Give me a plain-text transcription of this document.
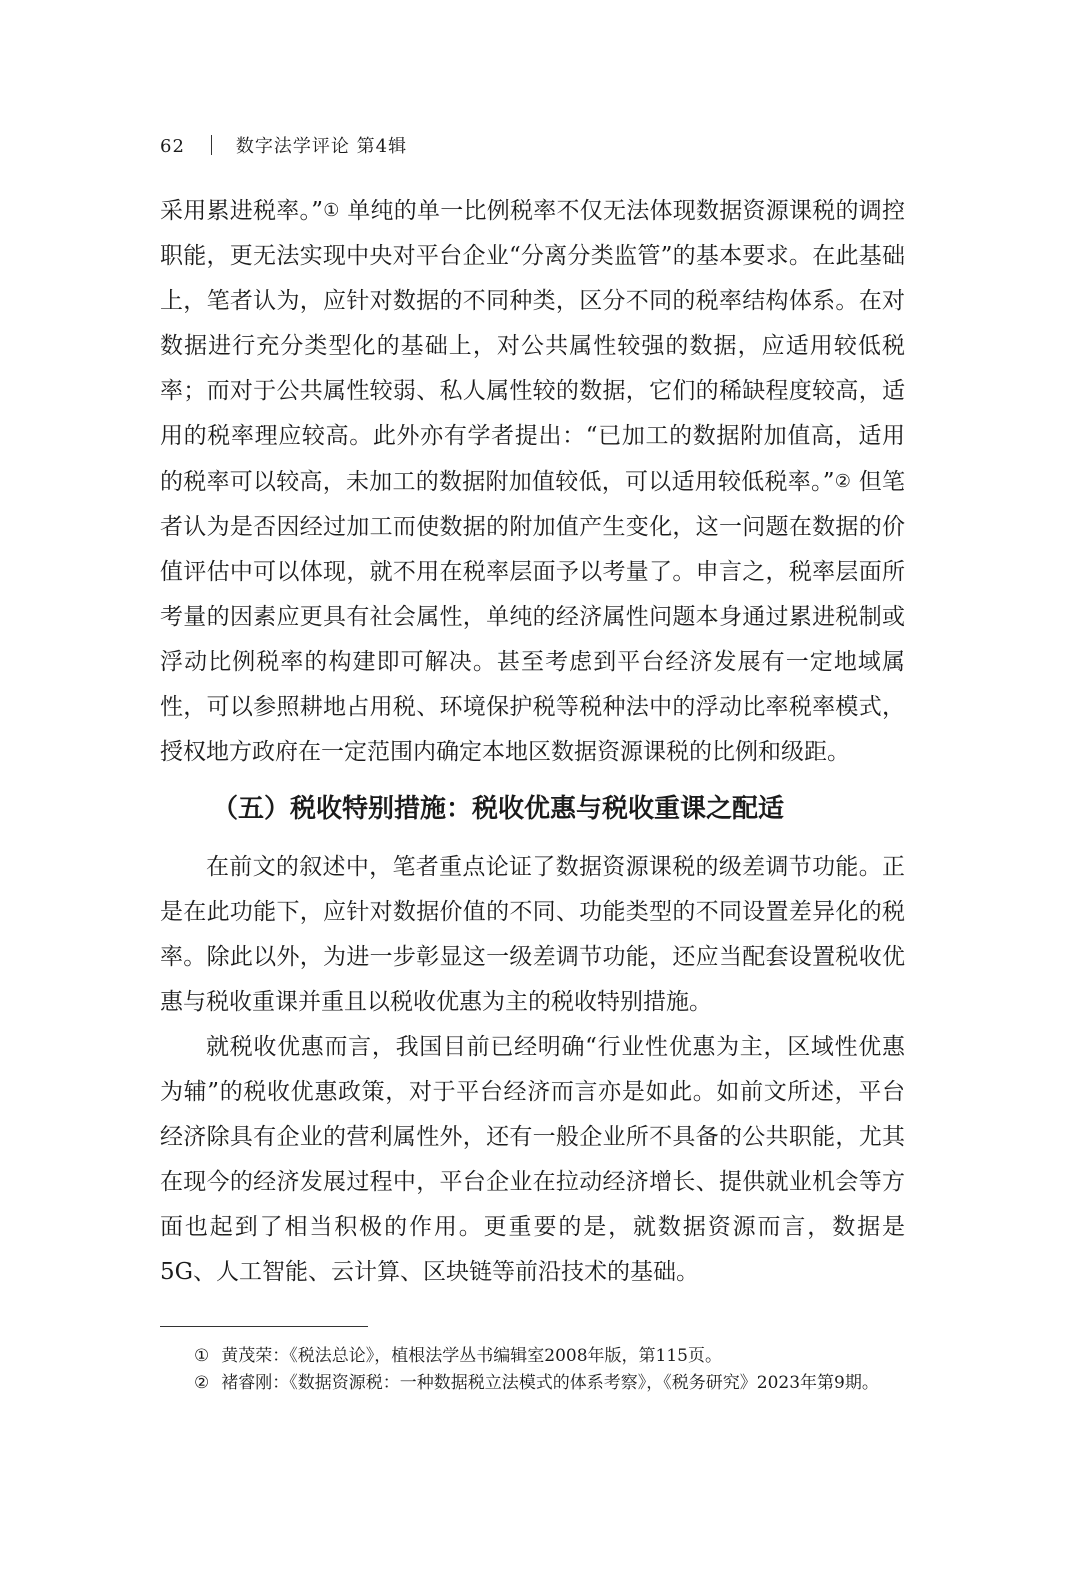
62	数字法学评论 第4辑

采用累进税率。”① 单纯的单一比例税率不仅无法体现数据资源课税的调控职能，更无法实现中央对平台企业“分离分类监管”的基本要求。在此基础上，笔者认为，应针对数据的不同种类，区分不同的税率结构体系。在对数据进行充分类型化的基础上，对公共属性较强的数据，应适用较低税率；而对于公共属性较弱、私人属性较的数据，它们的稀缺程度较高，适用的税率理应较高。此外亦有学者提出：“已加工的数据附加值高，适用的税率可以较高，未加工的数据附加值较低，可以适用较低税率。”② 但笔者认为是否因经过加工而使数据的附加值产生变化，这一问题在数据的价值评估中可以体现，就不用在税率层面予以考量了。申言之，税率层面所考量的因素应更具有社会属性，单纯的经济属性问题本身通过累进税制或浮动比例税率的构建即可解决。甚至考虑到平台经济发展有一定地域属性，可以参照耕地占用税、环境保护税等税种法中的浮动比率税率模式，授权地方政府在一定范围内确定本地区数据资源课税的比例和级距。

（五）税收特别措施：税收优惠与税收重课之配适

在前文的叙述中，笔者重点论证了数据资源课税的级差调节功能。正是在此功能下，应针对数据价值的不同、功能类型的不同设置差异化的税率。除此以外，为进一步彰显这一级差调节功能，还应当配套设置税收优惠与税收重课并重且以税收优惠为主的税收特别措施。

就税收优惠而言，我国目前已经明确“行业性优惠为主，区域性优惠为辅”的税收优惠政策，对于平台经济而言亦是如此。如前文所述，平台经济除具有企业的营利属性外，还有一般企业所不具备的公共职能，尤其在现今的经济发展过程中，平台企业在拉动经济增长、提供就业机会等方面也起到了相当积极的作用。更重要的是，就数据资源而言，数据是5G、人工智能、云计算、区块链等前沿技术的基础。

① 黄茂荣：《税法总论》，植根法学丛书编辑室2008年版，第115页。

② 褚睿刚：《数据资源税：一种数据税立法模式的体系考察》，《税务研究》2023年第9期。
